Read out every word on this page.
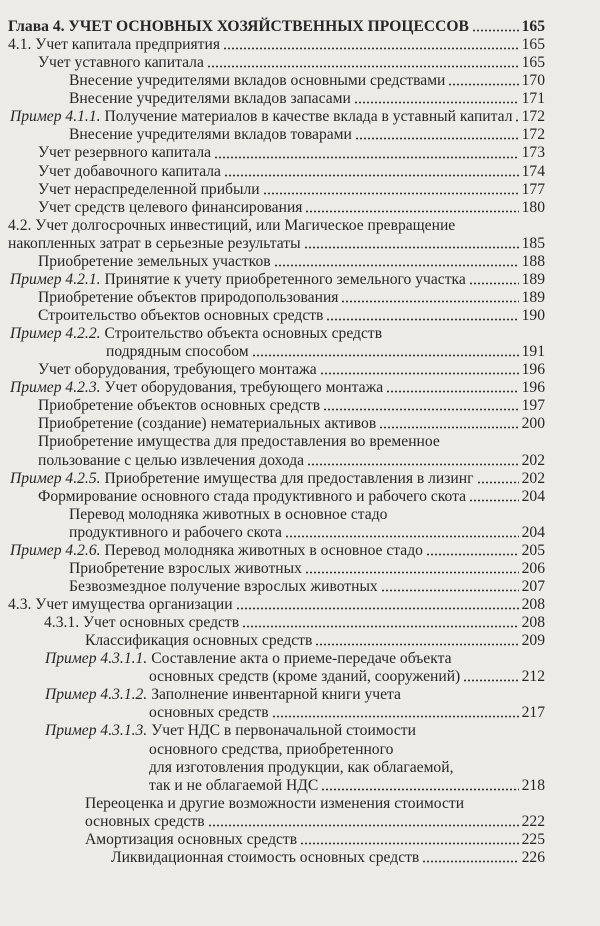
Глава 4. УЧЕТ ОСНОВНЫХ ХОЗЯЙСТВЕННЫХ ПРОЦЕССОВ	165
4.1. Учет капитала предприятия	165
Учет уставного капитала	165
Внесение учредителями вкладов основными средствами	170
Внесение учредителями вкладов запасами	171
Пример 4.1.1. Получение материалов в качестве вклада в уставный капитал 172
Внесение учредителями вкладов товарами	172
Учет резервного капитала	173
Учет добавочного капитала	174
Учет нераспределенной прибыли	177
Учет средств целевого финансирования	180
4.2. Учет долгосрочных инвестиций, или Магическое превращение
накопленных затрат в серьезные результаты	185
Приобретение земельных участков	188
Пример 4.2.1. Принятие к учету приобретенного земельного участка	189
Приобретение объектов природопользования	189
Строительство объектов основных средств	190
Пример 4.2.2. Строительство объекта основных средств
подрядным способом	191
Учет оборудования, требующего монтажа	196
Пример 4.2.3. Учет оборудования, требующего монтажа	196
Приобретение объектов основных средств	197
Приобретение (создание) нематериальных активов	200
Приобретение имущества для предоставления во временное
пользование с целью извлечения дохода	202
Пример 4.2.5. Приобретение имущества для предоставления в лизинг	202
Формирование основного стада продуктивного и рабочего скота	204
Перевод молодняка животных в основное стадо
продуктивного и рабочего скота	204
Пример 4.2.6. Перевод молодняка животных в основное стадо	205
Приобретение взрослых животных	206
Безвозмездное получение взрослых животных	207
4.3. Учет имущества организации	208
4.3.1. Учет основных средств	208
Классификация основных средств	209
Пример 4.3.1.1. Составление акта о приеме-передаче объекта
основных средств (кроме зданий, сооружений)	212
Пример 4.3.1.2. Заполнение инвентарной книги учета
основных средств	217
Пример 4.3.1.3. Учет НДС в первоначальной стоимости
основного средства, приобретенного
для изготовления продукции, как облагаемой,
так и не облагаемой НДС	218
Переоценка и другие возможности изменения стоимости
основных средств	222
Амортизация основных средств	225
Ликвидационная стоимость основных средств	226
